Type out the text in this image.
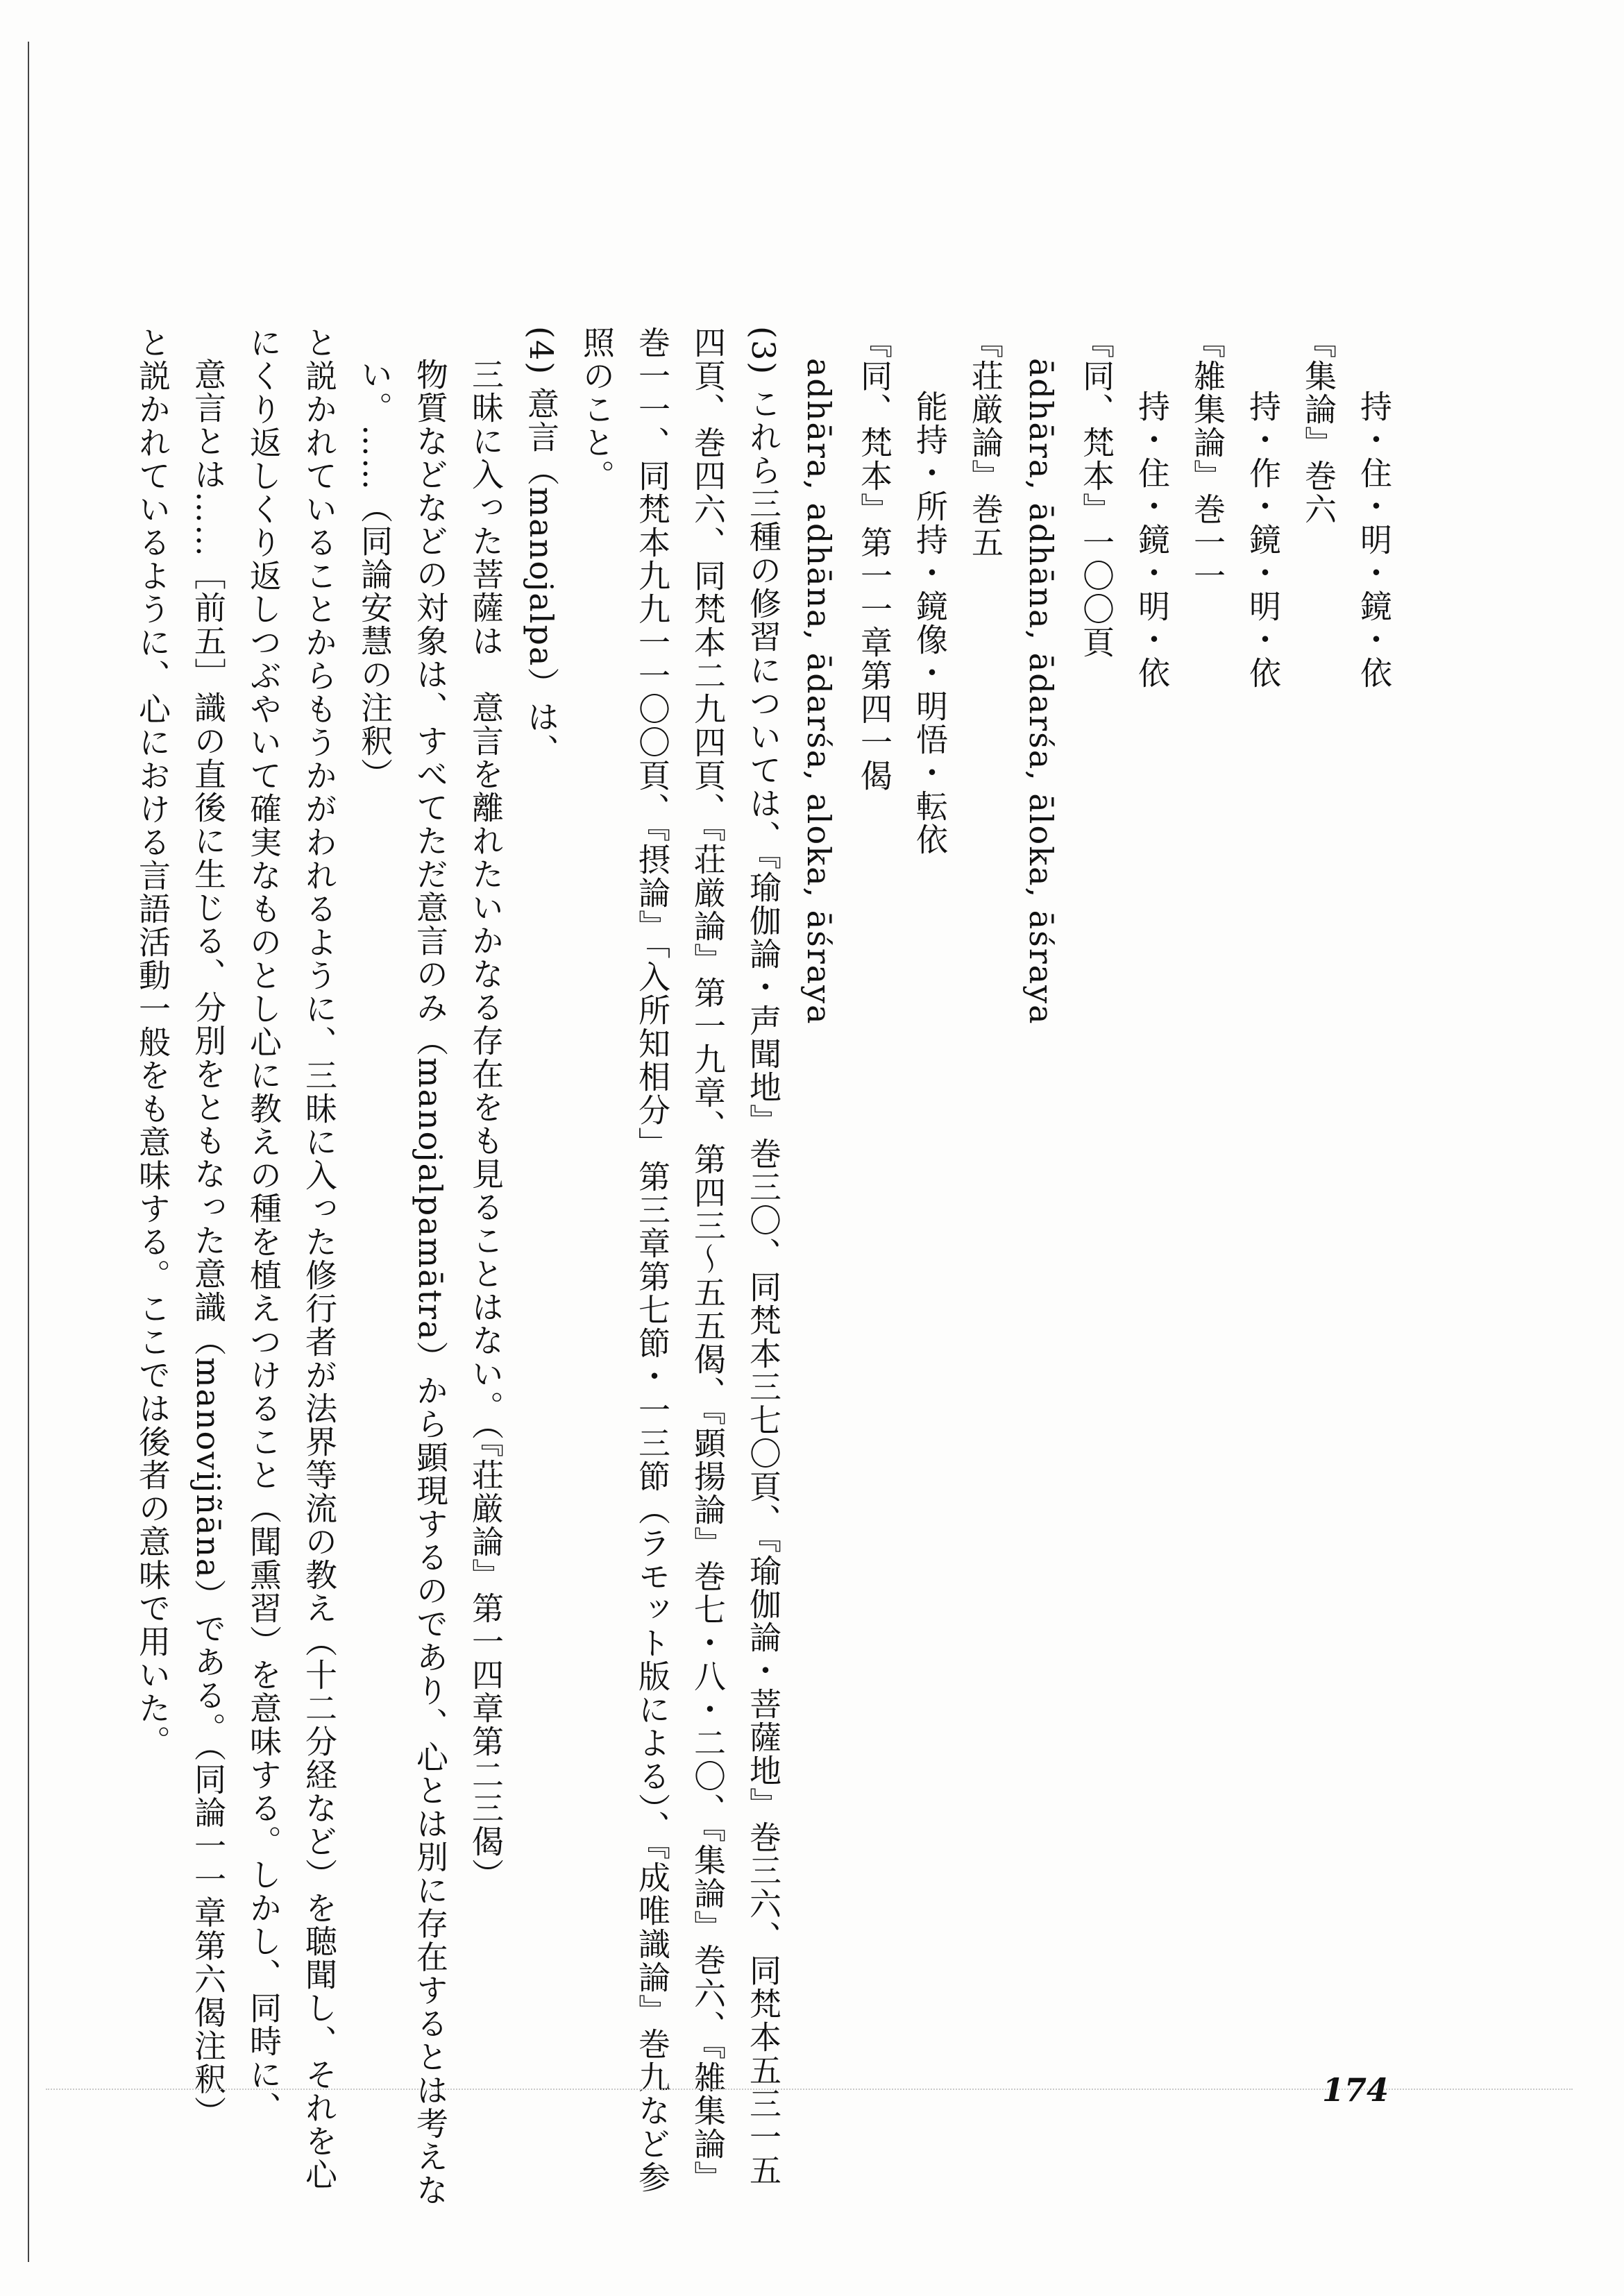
持・住・明・鏡・依
『集論』巻六
持・作・鏡・明・依
『雑集論』巻一一
持・住・鏡・明・依
『同、梵本』一〇〇頁
ādhāra, ādhāna, ādarśa, āloka, āśraya
『荘厳論』巻五
能持・所持・鏡像・明悟・転依
『同、梵本』第一一章第四一偈
adhāra, adhāna, ādarśa, aloka, āśraya
(3) これら三種の修習については、『瑜伽論・声聞地』巻三〇、同梵本三七〇頁、『瑜伽論・菩薩地』巻三六、同梵本五三一五
四頁、巻四六、同梵本二九四頁、『荘厳論』第一九章、第四三〜五五偈、『顕揚論』巻七・八・二〇、『集論』巻六、『雑集論』
巻一一、同梵本九九一一〇〇頁、『摂論』「入所知相分」第三章第七節・一三節（ラモット版による）、『成唯識論』巻九など参
照のこと。
(4) 意言（manojalpa）は、
三昧に入った菩薩は　意言を離れたいかなる存在をも見ることはない。（『荘厳論』第一四章第二三偈）
物質などなどの対象は、すべてただ意言のみ（manojalpamātra）から顕現するのであり、心とは別に存在するとは考えな
い。……（同論安慧の注釈）
と説かれていることからもうかがわれるように、三昧に入った修行者が法界等流の教え（十二分経など）を聴聞し、それを心
にくり返しくり返しつぶやいて確実なものとし心に教えの種を植えつけること（聞熏習）を意味する。しかし、同時に、
意言とは……［前五］識の直後に生じる、分別をともなった意識（manovijñāna）である。（同論一一章第六偈注釈）
と説かれているように、心における言語活動一般をも意味する。ここでは後者の意味で用いた。
174
